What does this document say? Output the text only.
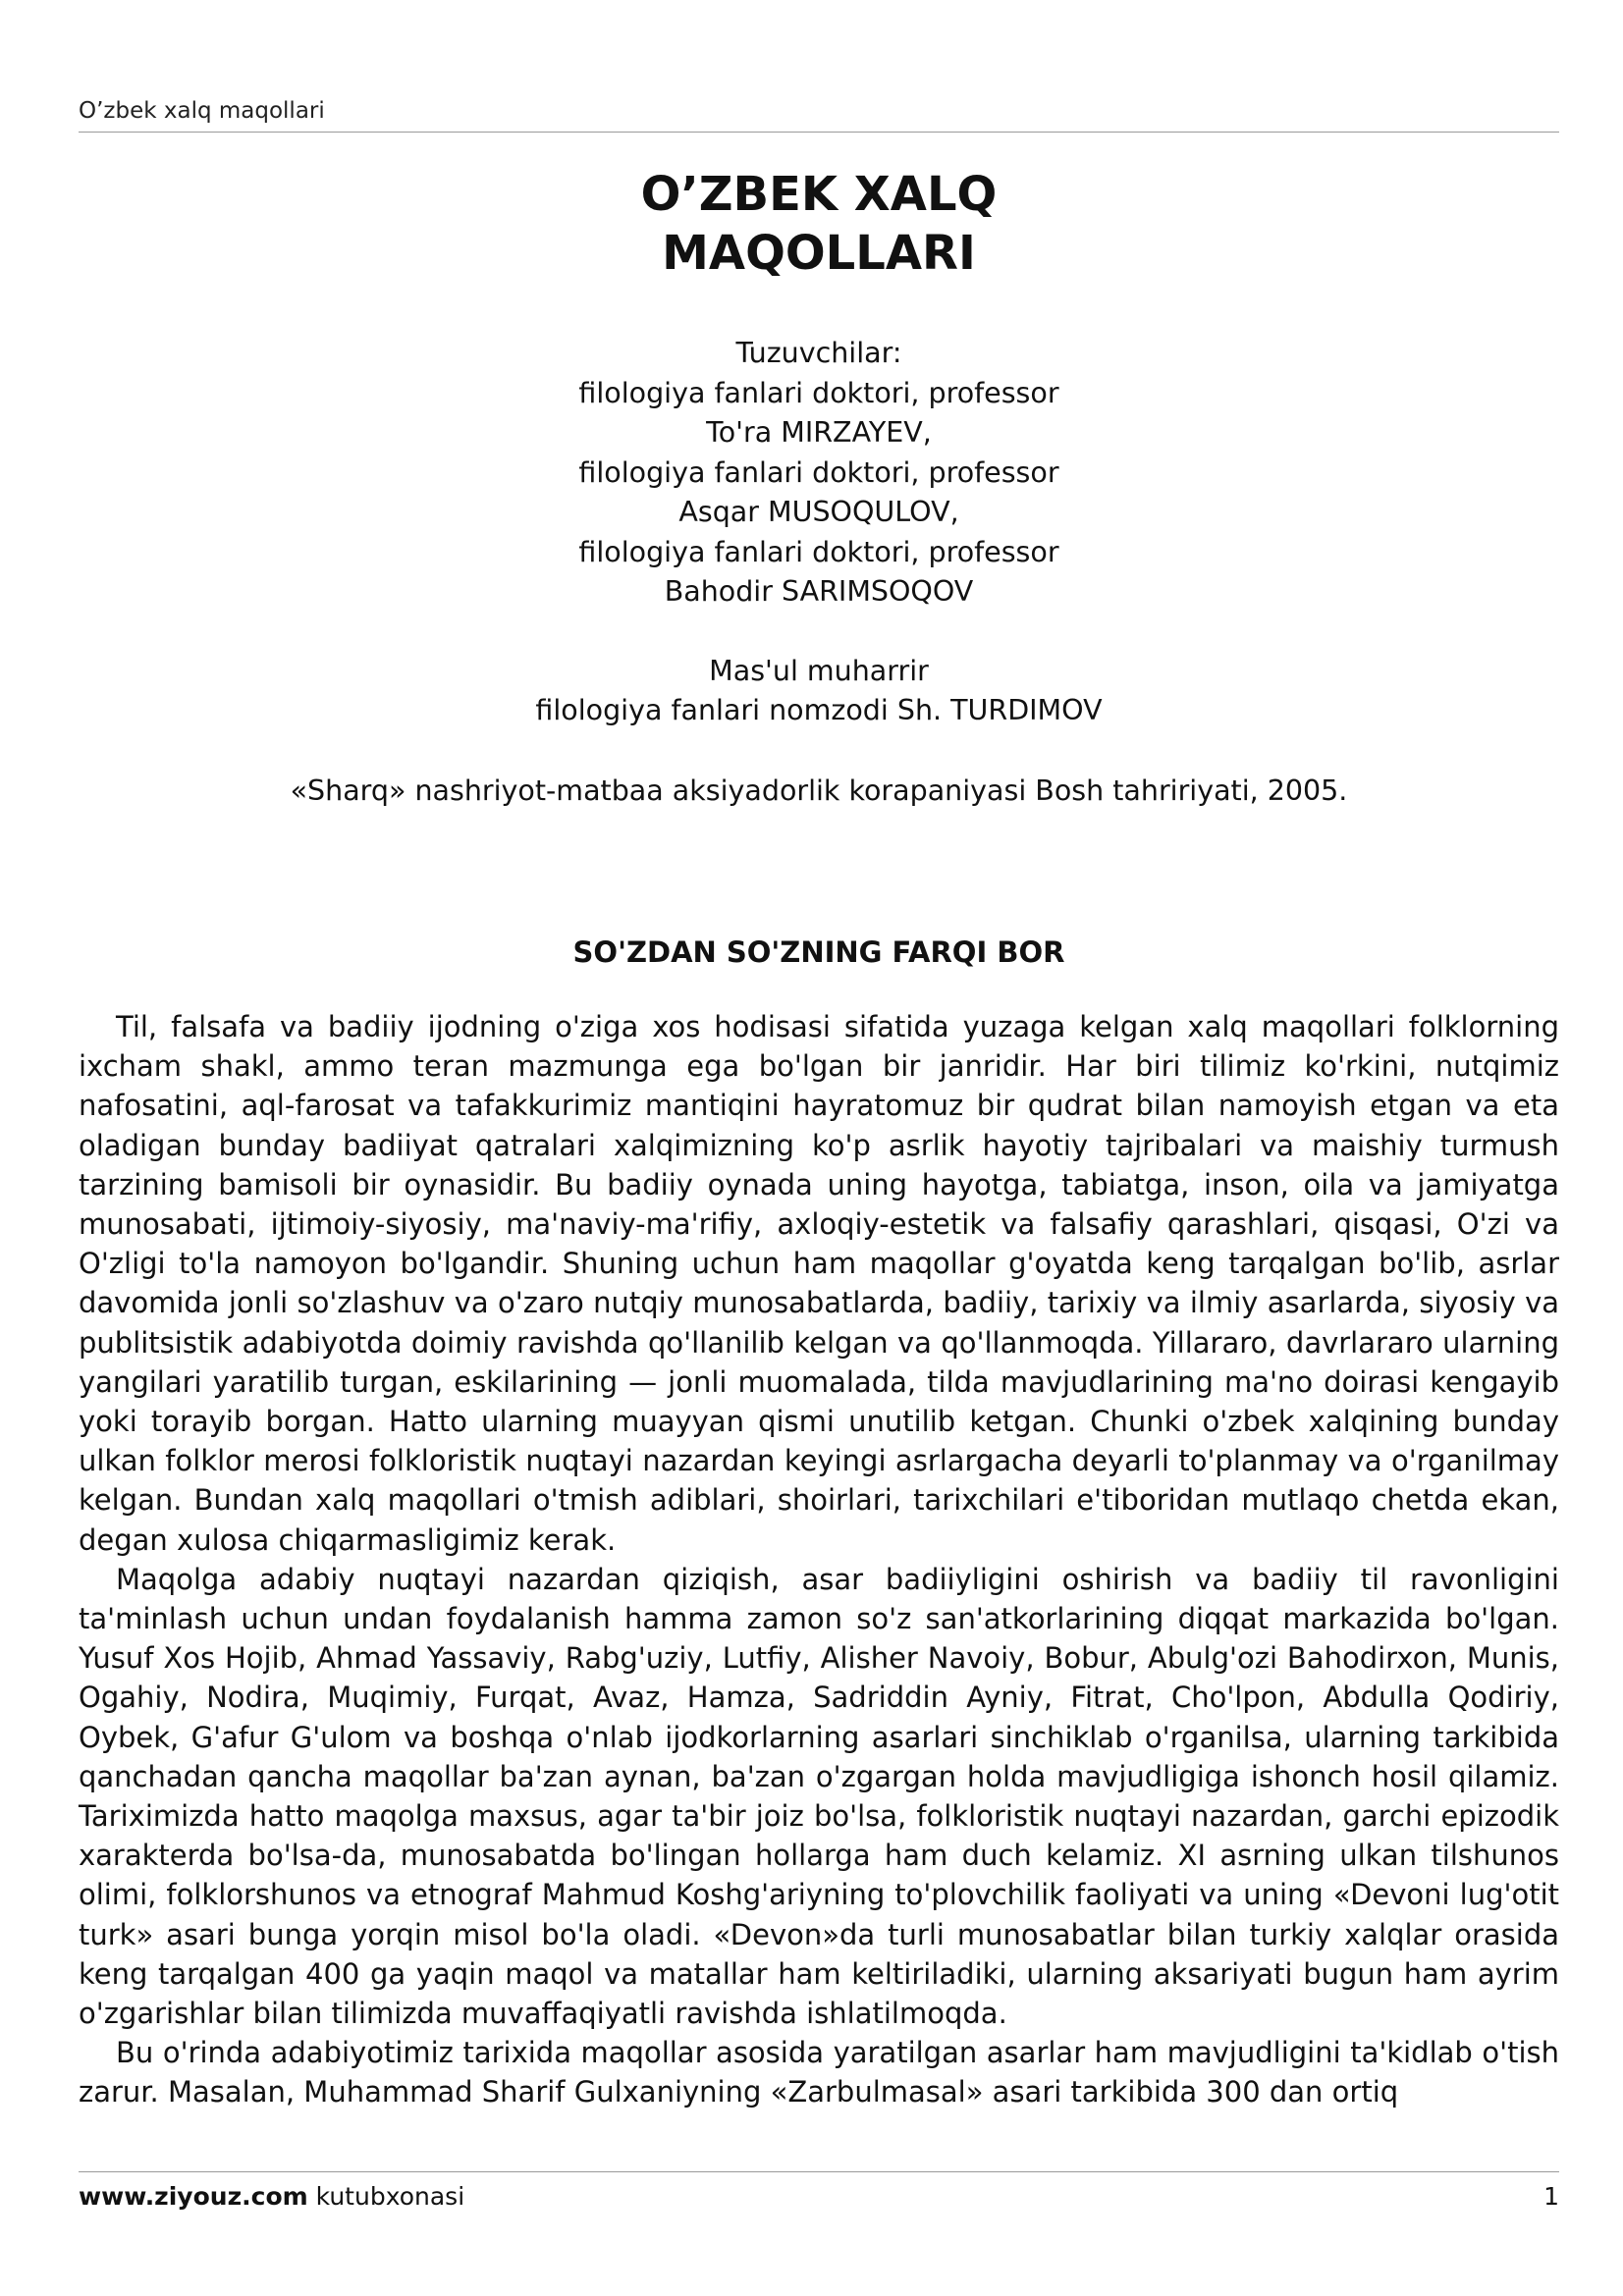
O’zbek xalq maqollari
O’ZBEK XALQ
MAQOLLARI
Tuzuvchilar:
filologiya fanlari doktori, professor
To'ra MIRZAYEV,
filologiya fanlari doktori, professor
Asqar MUSOQULOV,
filologiya fanlari doktori, professor
Bahodir SARIMSOQOV
Mas'ul muharrir
filologiya fanlari nomzodi Sh. TURDIMOV
«Sharq» nashriyot-matbaa aksiyadorlik korapaniyasi Bosh tahririyati, 2005.
SO'ZDAN SO'ZNING FARQI BOR

Til, falsafa va badiiy ijodning o'ziga xos hodisasi sifatida yuzaga kelgan xalq maqollari folklorning ixcham shakl, ammo teran mazmunga ega bo'lgan bir janridir. Har biri tilimiz ko'rkini, nutqimiz nafosatini, aql-farosat va tafakkurimiz mantiqini hayratomuz bir qudrat bilan namoyish etgan va eta oladigan bunday badiiyat qatralari xalqimizning ko'p asrlik hayotiy tajribalari va maishiy turmush tarzining bamisoli bir oynasidir. Bu badiiy oynada uning hayotga, tabiatga, inson, oila va jamiyatga munosabati, ijtimoiy-siyosiy, ma'naviy-ma'rifiy, axloqiy-estetik va falsafiy qarashlari, qisqasi, O'zi va O'zligi to'la namoyon bo'lgandir. Shuning uchun ham maqollar g'oyatda keng tarqalgan bo'lib, asrlar davomida jonli so'zlashuv va o'zaro nutqiy munosabatlarda, badiiy, tarixiy va ilmiy asarlarda, siyosiy va publitsistik adabiyotda doimiy ravishda qo'llanilib kelgan va qo'llanmoqda. Yillararo, davrlararo ularning yangilari yaratilib turgan, eskilarining — jonli muomalada, tilda mavjudlarining ma'no doirasi kengayib yoki torayib borgan. Hatto ularning muayyan qismi unutilib ketgan. Chunki o'zbek xalqining bunday ulkan folklor merosi folkloristik nuqtayi nazardan keyingi asrlargacha deyarli to'planmay va o'rganilmay kelgan. Bundan xalq maqollari o'tmish adiblari, shoirlari, tarixchilari e'tiboridan mutlaqo chetda ekan, degan xulosa chiqarmasligimiz kerak.

Maqolga adabiy nuqtayi nazardan qiziqish, asar badiiyligini oshirish va badiiy til ravonligini ta'minlash uchun undan foydalanish hamma zamon so'z san'atkorlarining diqqat markazida bo'lgan. Yusuf Xos Hojib, Ahmad Yassaviy, Rabg'uziy, Lutfiy, Alisher Navoiy, Bobur, Abulg'ozi Bahodirxon, Munis, Ogahiy, Nodira, Muqimiy, Furqat, Avaz, Hamza, Sadriddin Ayniy, Fitrat, Cho'lpon, Abdulla Qodiriy, Oybek, G'afur G'ulom va boshqa o'nlab ijodkorlarning asarlari sinchiklab o'rganilsa, ularning tarkibida qanchadan qancha maqollar ba'zan aynan, ba'zan o'zgargan holda mavjudligiga ishonch hosil qilamiz. Tariximizda hatto maqolga maxsus, agar ta'bir joiz bo'lsa, folkloristik nuqtayi nazardan, garchi epizodik xarakterda bo'lsa-da, munosabatda bo'lingan hollarga ham duch kelamiz. XI asrning ulkan tilshunos olimi, folklorshunos va etnograf Mahmud Koshg'ariyning to'plovchilik faoliyati va uning «Devoni lug'otit turk» asari bunga yorqin misol bo'la oladi. «Devon»da turli munosabatlar bilan turkiy xalqlar orasida keng tarqalgan 400 ga yaqin maqol va matallar ham keltiriladiki, ularning aksariyati bugun ham ayrim o'zgarishlar bilan tilimizda muvaffaqiyatli ravishda ishlatilmoqda.

Bu o'rinda adabiyotimiz tarixida maqollar asosida yaratilgan asarlar ham mavjudligini ta'kidlab o'tish zarur. Masalan, Muhammad Sharif Gulxaniyning «Zarbulmasal» asari tarkibida 300 dan ortiq

www.ziyouz.com kutubxonasi	1
